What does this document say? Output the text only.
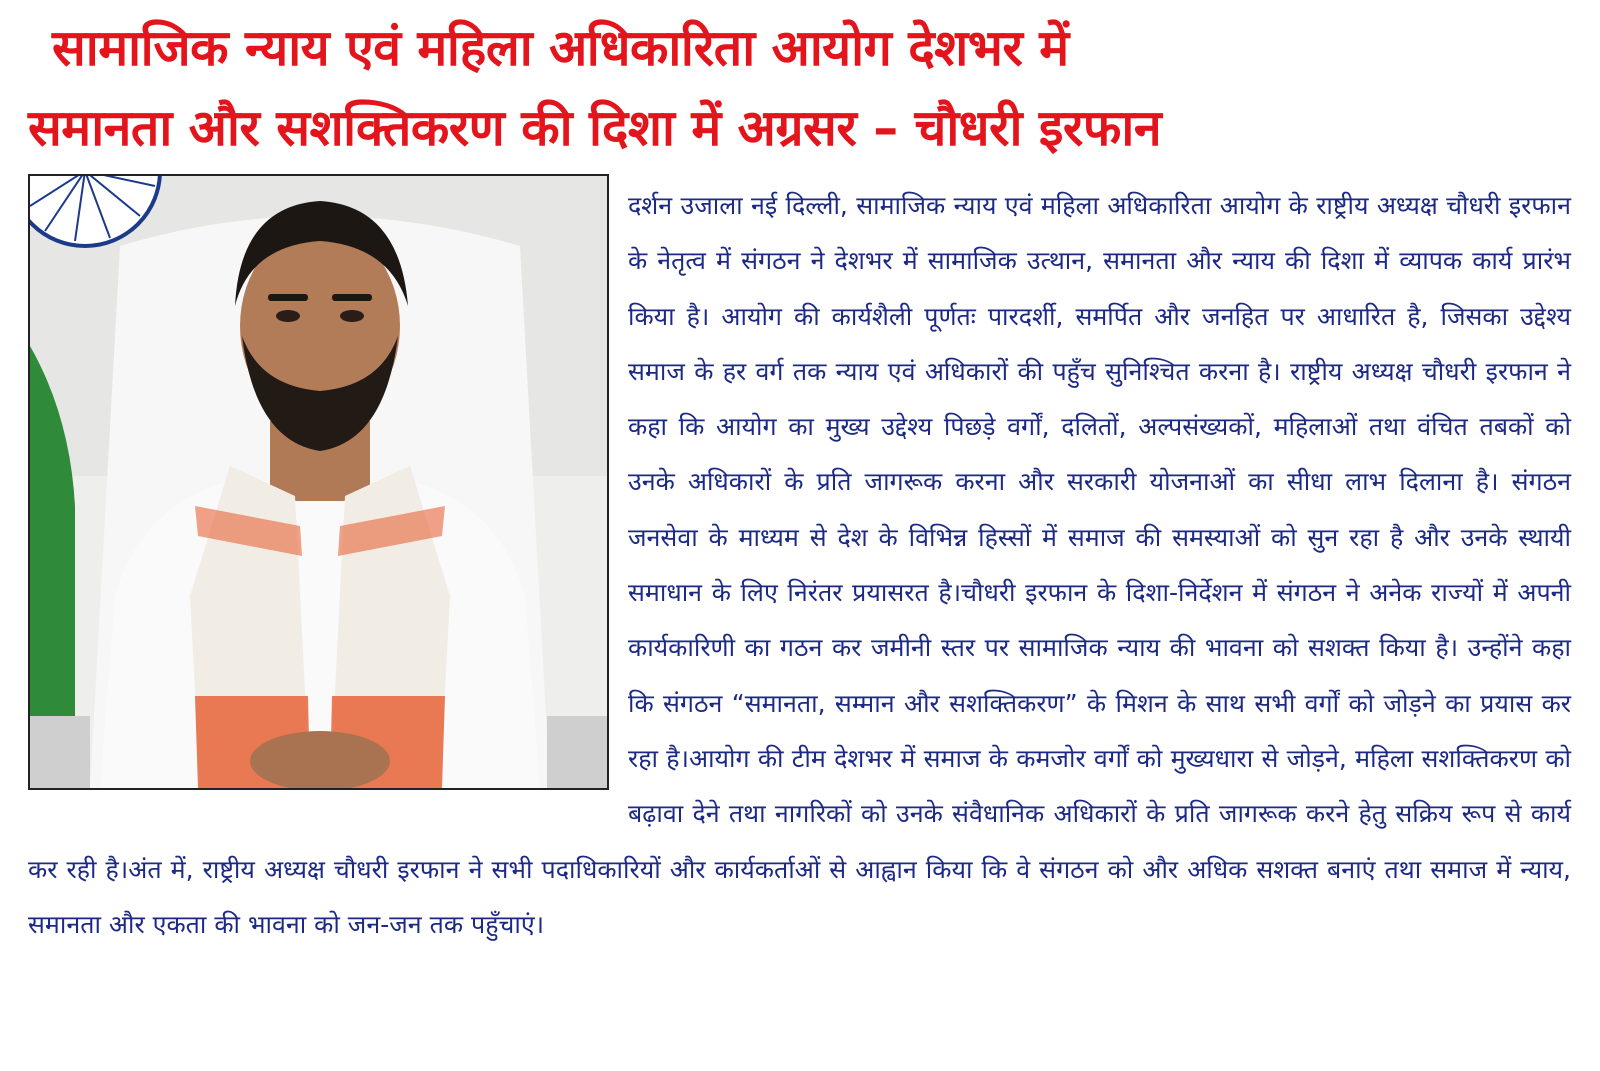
सामाजिक न्याय एवं महिला अधिकारिता आयोग देशभर में
समानता और सशक्तिकरण की दिशा में अग्रसर – चौधरी इरफान

दर्शन उजाला नई दिल्ली, सामाजिक न्याय एवं महिला अधिकारिता आयोग के राष्ट्रीय अध्यक्ष चौधरी इरफान के नेतृत्व में संगठन ने देशभर में सामाजिक उत्थान, समानता और न्याय की दिशा में व्यापक कार्य प्रारंभ किया है। आयोग की कार्यशैली पूर्णतः पारदर्शी, समर्पित और जनहित पर आधारित है, जिसका उद्देश्य समाज के हर वर्ग तक न्याय एवं अधिकारों की पहुँच सुनिश्चित करना है। राष्ट्रीय अध्यक्ष चौधरी इरफान ने कहा कि आयोग का मुख्य उद्देश्य पिछड़े वर्गों, दलितों, अल्पसंख्यकों, महिलाओं तथा वंचित तबकों को उनके अधिकारों के प्रति जागरूक करना और सरकारी योजनाओं का सीधा लाभ दिलाना है। संगठन जनसेवा के माध्यम से देश के विभिन्न हिस्सों में समाज की समस्याओं को सुन रहा है और उनके स्थायी समाधान के लिए निरंतर प्रयासरत है।चौधरी इरफान के दिशा-निर्देशन में संगठन ने अनेक राज्यों में अपनी कार्यकारिणी का गठन कर जमीनी स्तर पर सामाजिक न्याय की भावना को सशक्त किया है। उन्होंने कहा कि संगठन “समानता, सम्मान और सशक्तिकरण” के मिशन के साथ सभी वर्गों को जोड़ने का प्रयास कर रहा है।आयोग की टीम देशभर में समाज के कमजोर वर्गों को मुख्यधारा से जोड़ने, महिला सशक्तिकरण को बढ़ावा देने तथा नागरिकों को उनके संवैधानिक अधिकारों के प्रति जागरूक करने हेतु सक्रिय रूप से कार्य कर रही है।अंत में, राष्ट्रीय अध्यक्ष चौधरी इरफान ने सभी पदाधिकारियों और कार्यकर्ताओं से आह्वान किया कि वे संगठन को और अधिक सशक्त बनाएं तथा समाज में न्याय, समानता और एकता की भावना को जन-जन तक पहुँचाएं।
